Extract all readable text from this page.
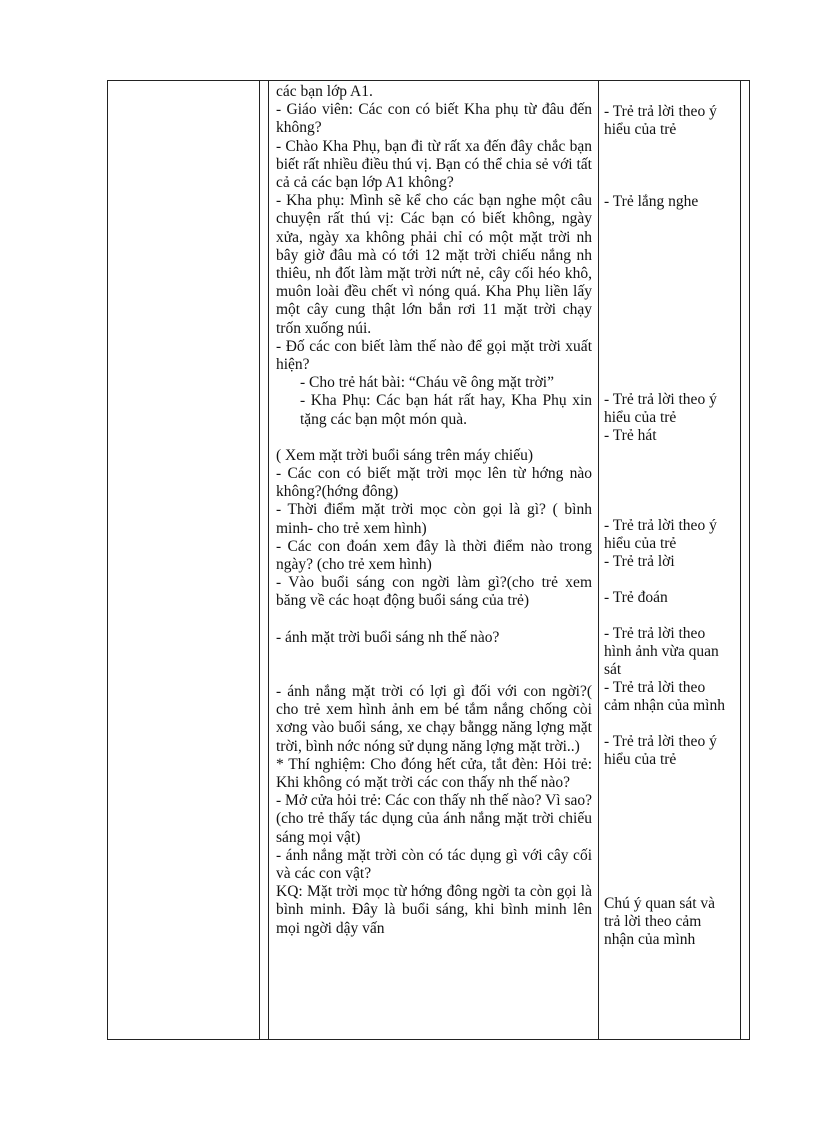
các bạn lớp A1.

- Giáo viên: Các con có biết Kha phụ từ đâu đến không?

- Chào Kha Phụ, bạn đi từ rất xa đến đây chắc bạn biết rất nhiều điều thú vị. Bạn có thể chia sẻ với tất cả cả các bạn lớp A1 không?

- Kha phụ: Mình sẽ kể cho các bạn nghe một câu chuyện rất thú vị: Các bạn có biết không, ngày xửa, ngày xa không phải chỉ có một mặt trời nh bây giờ đâu mà có tới 12 mặt trời chiếu nắng nh thiêu, nh đốt làm mặt trời nứt nẻ, cây cối héo khô, muôn loài đều chết vì nóng quá. Kha Phụ liền lấy một cây cung thật lớn bắn rơi 11 mặt trời chạy trốn xuống núi.

- Đố các con biết làm thế nào để gọi mặt trời xuất hiện?

- Cho trẻ hát bài: “Cháu vẽ ông mặt trời”

- Kha Phụ: Các bạn hát rất hay, Kha Phụ xin tặng các bạn một món quà.

( Xem mặt trời buổi sáng trên máy chiếu)

- Các con có biết mặt trời mọc lên từ hớng nào không?(hớng đông)

- Thời điểm mặt trời mọc còn gọi là gì? ( bình minh- cho trẻ xem hình)

- Các con đoán xem đây là thời điểm nào trong ngày? (cho trẻ xem hình)

- Vào buổi sáng con ngời làm gì?(cho trẻ xem băng về các hoạt động buổi sáng của trẻ)

- ánh mặt trời buổi sáng nh thế nào?

- ánh nắng mặt trời có lợi gì đối với con ngời?( cho trẻ xem hình ảnh em bé tắm nắng chống còi xơng vào buổi sáng, xe chạy bằngg năng lợng mặt trời, bình nớc nóng sử dụng năng lợng mặt trời..)

* Thí nghiệm: Cho đóng hết cửa, tắt đèn: Hỏi trẻ: Khi không có mặt trời các con thấy nh thế nào?

- Mở cửa hỏi trẻ: Các con thấy nh thế nào? Vì sao? (cho trẻ thấy tác dụng của ánh nắng mặt trời chiếu sáng mọi vật)

- ánh nắng mặt trời còn có tác dụng gì với cây cối và các con vật?

KQ: Mặt trời mọc từ hớng đông ngời ta còn gọi là bình minh. Đây là buổi sáng, khi bình minh lên mọi ngời dậy vấn

- Trẻ trả lời theo ý hiểu của trẻ
- Trẻ lắng nghe
- Trẻ trả lời theo ý hiểu của trẻ
- Trẻ hát
- Trẻ trả lời theo ý hiểu của trẻ
- Trẻ trả lời
- Trẻ đoán
- Trẻ trả lời theo hình ảnh vừa quan sát
- Trẻ trả lời theo cảm nhận của mình
- Trẻ trả lời theo ý hiểu của trẻ
Chú ý quan sát và trả lời theo cảm nhận của mình
